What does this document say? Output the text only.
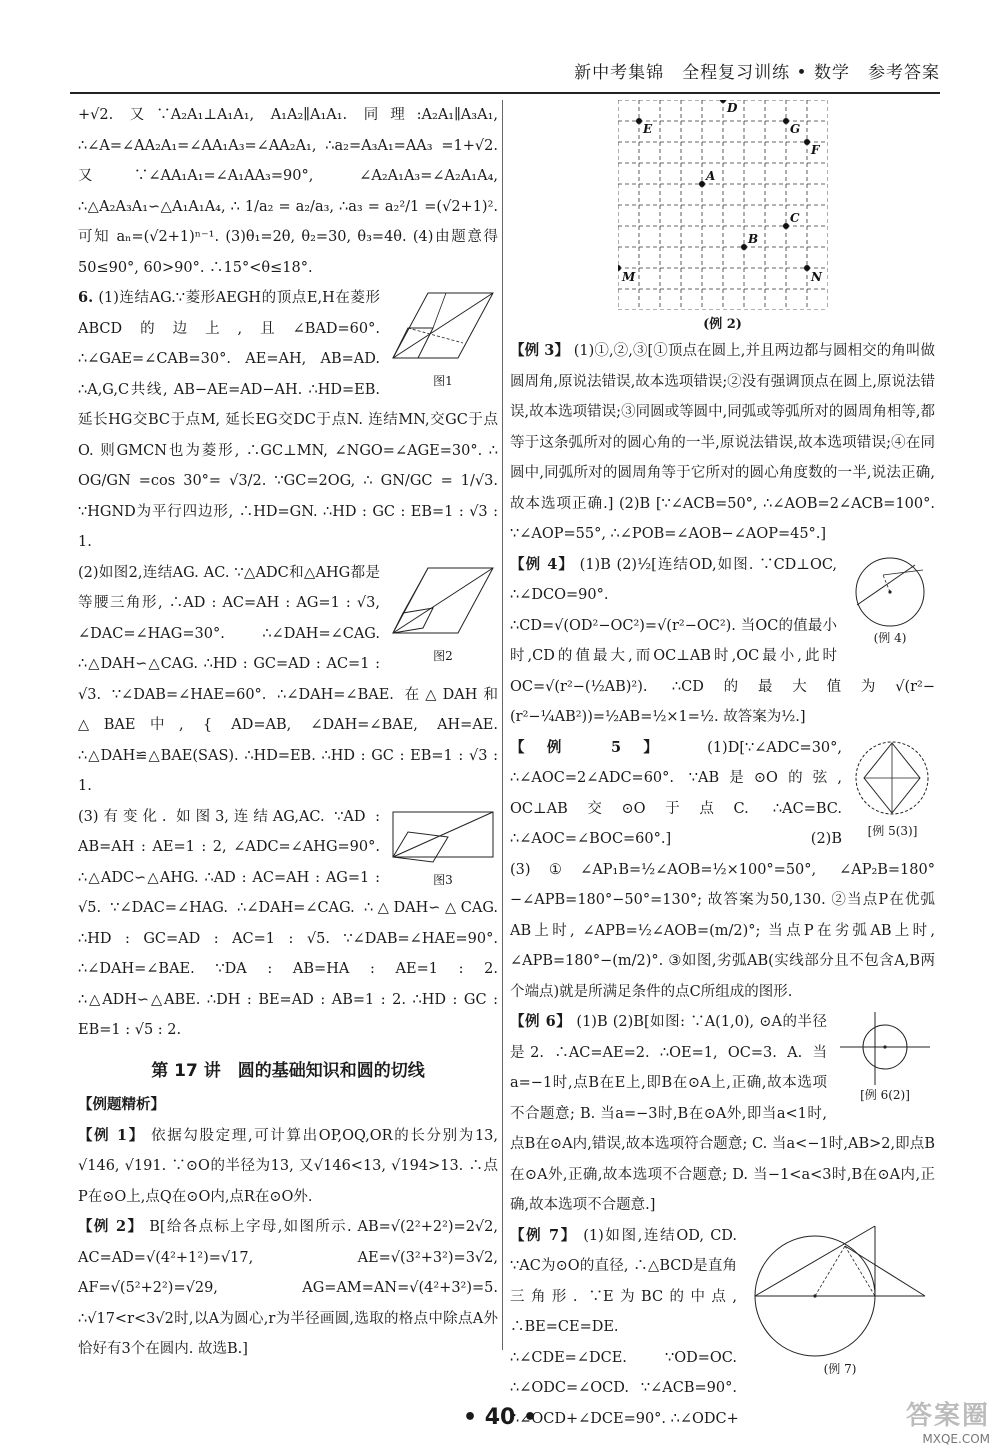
新中考集锦　全程复习训练 • 数学　参考答案

+√2. 又∵A₂A₁⊥A₁A₁, A₁A₂∥A₁A₁. 同理:A₂A₁∥A₃A₁, ∴∠A=∠AA₂A₁=∠AA₁A₃=∠AA₂A₁, ∴a₂=A₃A₁=AA₃ =1+√2. 又∵∠AA₁A₁=∠A₁AA₃=90°, ∠A₂A₁A₃=∠A₂A₁A₄, ∴△A₂A₃A₁∽△A₁A₁A₄, ∴ 1/a₂ = a₂/a₃, ∴a₃ = a₂²/1 =(√2+1)². 可知 aₙ=(√2+1)ⁿ⁻¹. (3)θ₁=2θ, θ₂=30, θ₃=4θ. (4)由题意得 50≤90°, 60>90°. ∴15°<θ≤18°.

图1

6. (1)连结AG.∵菱形AEGH的顶点E,H在菱形ABCD的边上,且∠BAD=60°. ∴∠GAE=∠CAB=30°. AE=AH, AB=AD. ∴A,G,C共线, AB−AE=AD−AH. ∴HD=EB. 延长HG交BC于点M, 延长EG交DC于点N. 连结MN,交GC于点O. 则GMCN也为菱形, ∴GC⊥MN, ∠NGO=∠AGE=30°. ∴ OG/GN =cos 30°= √3/2. ∵GC=2OG, ∴ GN/GC = 1/√3. ∵HGND为平行四边形, ∴HD=GN. ∴HD : GC : EB=1 : √3 : 1.

图2

(2)如图2,连结AG. AC. ∵△ADC和△AHG都是等腰三角形, ∴AD : AC=AH : AG=1 : √3, ∠DAC=∠HAG=30°. ∴∠DAH=∠CAG. ∴△DAH∽△CAG. ∴HD : GC=AD : AC=1 : √3. ∵∠DAB=∠HAE=60°. ∴∠DAH=∠BAE. 在△DAH和△BAE中, { AD=AB, ∠DAH=∠BAE, AH=AE. ∴△DAH≌△BAE(SAS). ∴HD=EB. ∴HD : GC : EB=1 : √3 : 1.

图3

(3)有变化. 如图3,连结AG,AC. ∵AD : AB=AH : AE=1 : 2, ∠ADC=∠AHG=90°. ∴△ADC∽△AHG. ∴AD : AC=AH : AG=1 : √5. ∵∠DAC=∠HAG. ∴∠DAH=∠CAG. ∴△DAH∽△CAG. ∴HD : GC=AD : AC=1 : √5. ∵∠DAB=∠HAE=90°. ∴∠DAH=∠BAE. ∵DA : AB=HA : AE=1 : 2. ∴△ADH∽△ABE. ∴DH : BE=AD : AB=1 : 2. ∴HD : GC : EB=1 : √5 : 2.

第 17 讲　圆的基础知识和圆的切线
【例题精析】

【例 1】 依据勾股定理,可计算出OP,OQ,OR的长分别为13, √146, √191. ∵⊙O的半径为13, 又√146<13, √194>13. ∴点P在⊙O上,点Q在⊙O内,点R在⊙O外.

【例 2】 B[给各点标上字母,如图所示. AB=√(2²+2²)=2√2, AC=AD=√(4²+1²)=√17, AE=√(3²+3²)=3√2, AF=√(5²+2²)=√29, AG=AM=AN=√(4²+3²)=5. ∴√17<r<3√2时,以A为圆心,r为半径画圆,选取的格点中除点A外恰好有3个在圆内. 故选B.]

D
E	G
F
A
C
B
M	N
(例 2)

【例 3】 (1)①,②,③[①顶点在圆上,并且两边都与圆相交的角叫做圆周角,原说法错误,故本选项错误;②没有强调顶点在圆上,原说法错误,故本选项错误;③同圆或等圆中,同弧或等弧所对的圆周角相等,都等于这条弧所对的圆心角的一半,原说法错误,故本选项错误;④在同圆中,同弧所对的圆周角等于它所对的圆心角度数的一半,说法正确,故本选项正确.] (2)B [∵∠ACB=50°, ∴∠AOB=2∠ACB=100°. ∵∠AOP=55°, ∴∠POB=∠AOB−∠AOP=45°.]

(例 4)

【例 4】 (1)B (2)½[连结OD,如图. ∵CD⊥OC, ∴∠DCO=90°. ∴CD=√(OD²−OC²)=√(r²−OC²). 当OC的值最小时,CD的值最大,而OC⊥AB时,OC最小,此时OC=√(r²−(½AB)²). ∴CD的最大值为√(r²−(r²−¼AB²))=½AB=½×1=½. 故答案为½.]

[例 5(3)]

【例 5】 (1)D[∵∠ADC=30°, ∴∠AOC=2∠ADC=60°. ∵AB是⊙O的弦, OC⊥AB交⊙O于点C. ∴AC=BC. ∴∠AOC=∠BOC=60°.] (2)B (3)①∠AP₁B=½∠AOB=½×100°=50°, ∠AP₂B=180°−∠APB=180°−50°=130°; 故答案为50,130. ②当点P在优弧AB上时, ∠APB=½∠AOB=(m/2)°; 当点P在劣弧AB上时, ∠APB=180°−(m/2)°. ③如图,劣弧AB(实线部分且不包含A,B两个端点)就是所满足条件的点C所组成的图形.

[例 6(2)]

【例 6】 (1)B (2)B[如图: ∵A(1,0), ⊙A的半径是2. ∴AC=AE=2. ∴OE=1, OC=3. A. 当a=−1时,点B在E上,即B在⊙A上,正确,故本选项不合题意; B. 当a=−3时,B在⊙A外,即当a<1时,点B在⊙A内,错误,故本选项符合题意; C. 当a<−1时,AB>2,即点B在⊙A外,正确,故本选项不合题意; D. 当−1<a<3时,B在⊙A内,正确,故本选项不合题意.]

(例 7)

【例 7】 (1)如图,连结OD, CD. ∵AC为⊙O的直径, ∴△BCD是直角三角形. ∵E为BC的中点, ∴BE=CE=DE. ∴∠CDE=∠DCE. ∵OD=OC. ∴∠ODC=∠OCD. ∵∠ACB=90°. ∴∠OCD+∠DCE=90°. ∴∠ODC+

• 40 •	答案圈
MXQE.COM
